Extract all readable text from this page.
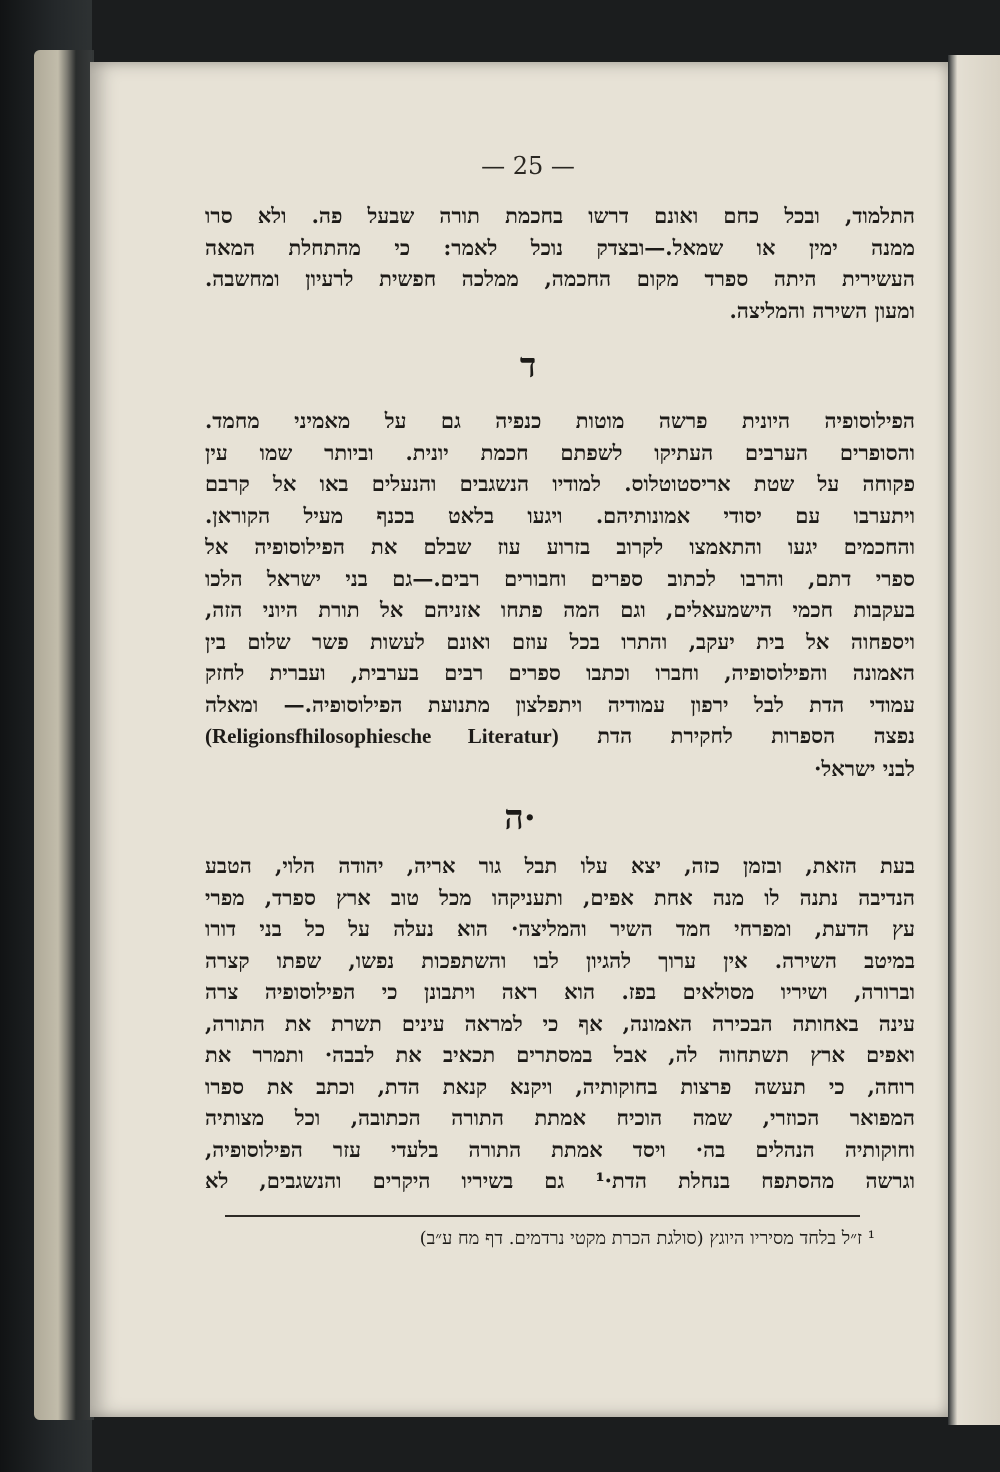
— 25 —
התלמוד, ובכל כחם ואונם דרשו בחכמת תורה שבעל פה. ולא סרו
ממנה ימין או שמאל.—ובצדק נוכל לאמר: כי מהתחלת המאה
העשירית היתה ספרד מקום החכמה, ממלכה חפשית לרעיון ומחשבה.
ומעון השירה והמליצה.
ד
הפילוסופיה היונית פרשה מוטות כנפיה גם על מאמיני מחמד.
והסופרים הערבים העתיקו לשפתם חכמת יונית. וביותר שמו עין
פקוחה על שטת אריסטוטלוס. למודיו הנשגבים והנעלים באו אל קרבם
ויתערבו עם יסודי אמונותיהם. ויגעו בלאט בכנף מעיל הקוראן.
והחכמים יגעו והתאמצו לקרוב בזרוע עוז שבלם את הפילוסופיה אל
ספרי דתם, והרבו לכתוב ספרים וחבורים רבים.—גם בני ישראל הלכו
בעקבות חכמי הישמעאלים, וגם המה פתחו אזניהם אל תורת היוני הזה,
ויספחוה אל בית יעקב, והתרו בכל עוזם ואונם לעשות פשר שלום בין
האמונה והפילוסופיה, וחברו וכתבו ספרים רבים בערבית, ועברית לחזק
עמודי הדת לבל ירפון עמודיה ויתפלצון מתנועת הפילוסופיה.— ומאלה
נפצה הספרות לחקירת הדת (Religionsfhilosophiesche Literatur)
לבני ישראל·
ה·
בעת הזאת, ובזמן כזה, יצא עלו תבל גור אריה, יהודה הלוי, הטבע
הנדיבה נתנה לו מנה אחת אפים, ותעניקהו מכל טוב ארץ ספרד, מפרי
עץ הדעת, ומפרחי חמד השיר והמליצה· הוא נעלה על כל בני דורו
במיטב השירה. אין ערוך להגיון לבו והשתפכות נפשו, שפתו קצרה
וברורה, ושיריו מסולאים בפז. הוא ראה ויתבונן כי הפילוסופיה צרה
עינה באחותה הבכירה האמונה, אף כי למראה עינים תשרת את התורה,
ואפים ארץ תשתחוה לה, אבל במסתרים תכאיב את לבבה· ותמרר את
רוחה, כי תעשה פרצות בחוקותיה, ויקנא קנאת הדת, וכתב את ספרו
המפואר הכוזרי, שמה הוכיח אמתת התורה הכתובה, וכל מצותיה
וחוקותיה הנהלים בה· ויסד אמתת התורה בלעדי עזר הפילוסופיה,
וגרשה מהסתפח בנחלת הדת·¹ גם בשיריו היקרים והנשגבים, לא
¹ ז״ל בלחד מסיריו היוגץ (סולגת הכרת מקטי נרדמים. דף מח ע״ב)
